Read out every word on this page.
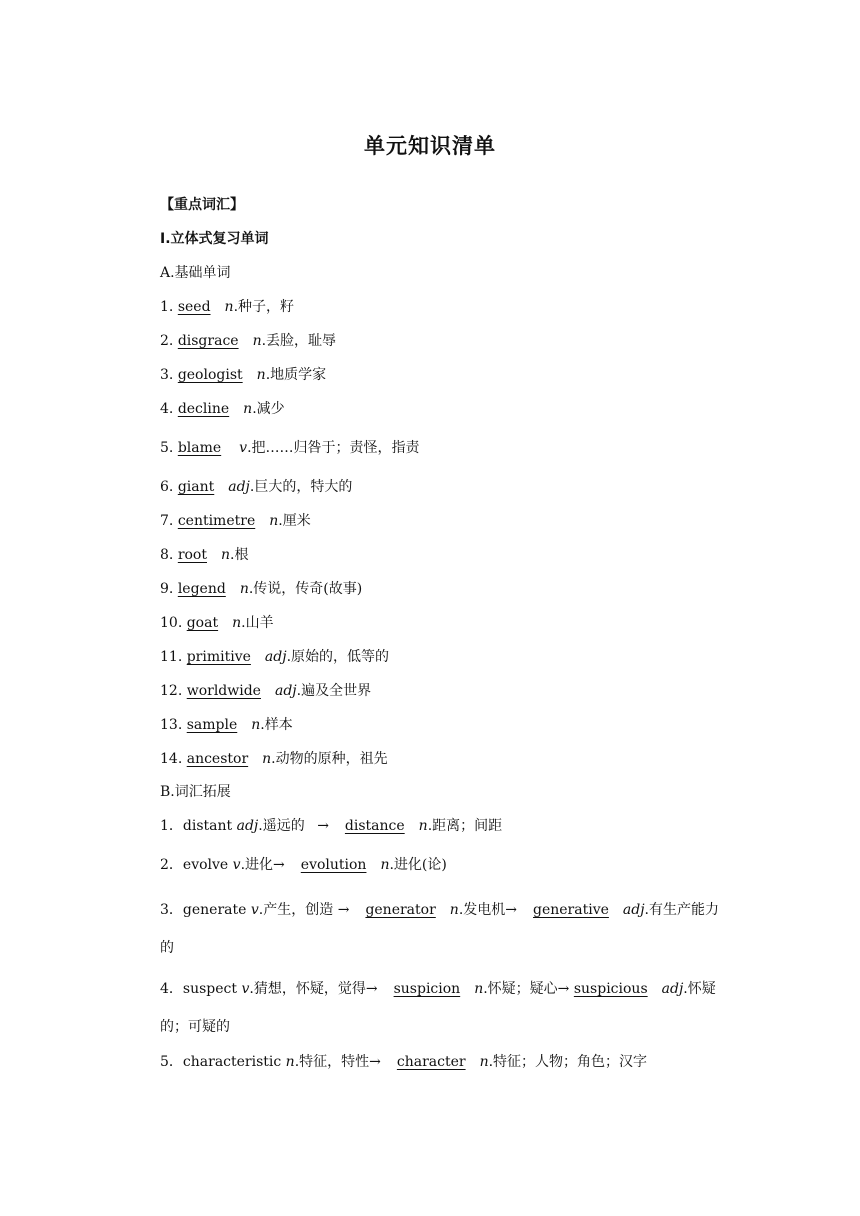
单元知识清单
【重点词汇】
Ⅰ.立体式复习单词
A.基础单词
1. seed n.种子，籽
2. disgrace n.丢脸，耻辱
3. geologist n.地质学家
4. decline n.减少
5. blame v.把……归咎于；责怪，指责
6. giant adj.巨大的，特大的
7. centimetre n.厘米
8. root n.根
9. legend n.传说，传奇(故事)
10. goat n.山羊
11. primitive adj.原始的，低等的
12. worldwide adj.遍及全世界
13. sample n.样本
14. ancestor n.动物的原种，祖先
B.词汇拓展
1．distant adj.遥远的 → distance n.距离；间距
2．evolve v.进化→ evolution n.进化(论)
3．generate v.产生，创造 → generator n.发电机→ generative adj.有生产能力的
4．suspect v.猜想，怀疑，觉得→ suspicion n.怀疑；疑心→ suspicious adj.怀疑的；可疑的
5．characteristic n.特征，特性→ character n.特征；人物；角色；汉字
